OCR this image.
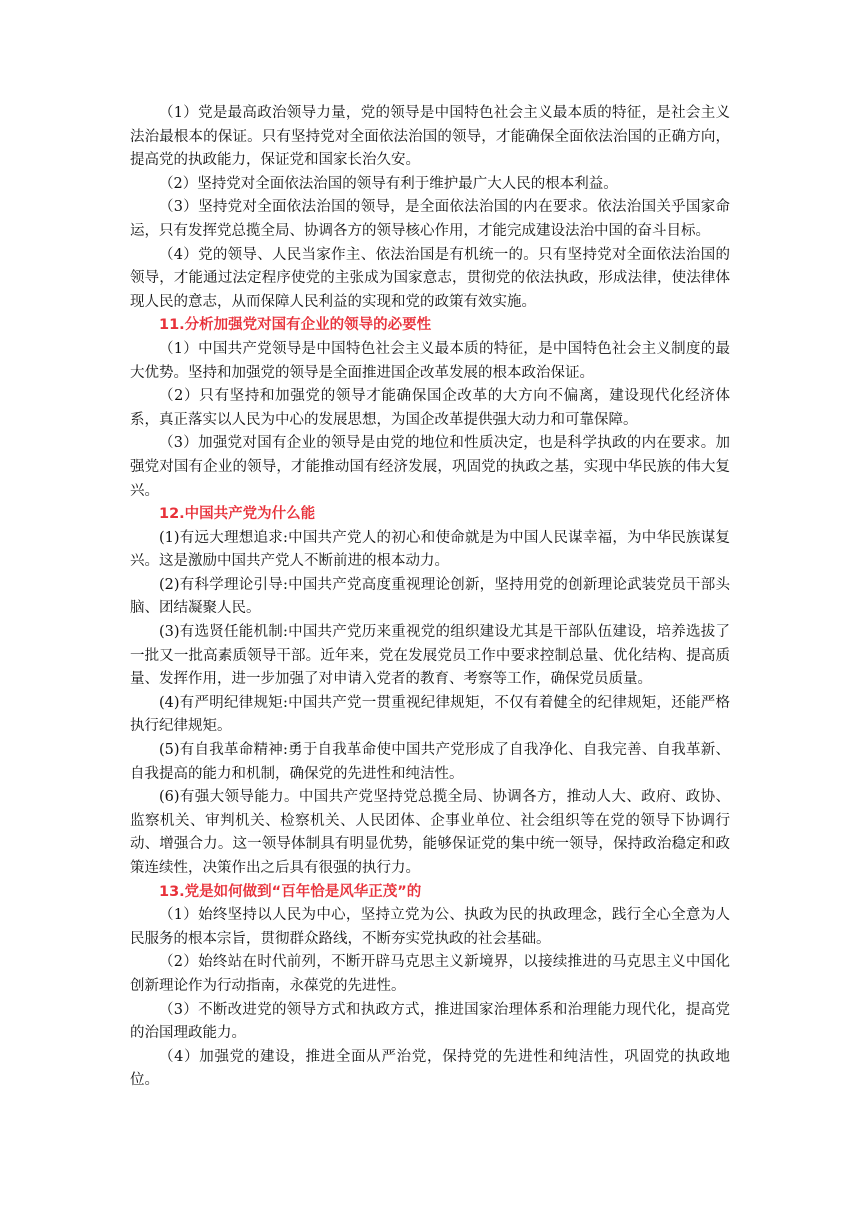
（1）党是最高政治领导力量，党的领导是中国特色社会主义最本质的特征，是社会主义法治最根本的保证。只有坚持党对全面依法治国的领导，才能确保全面依法治国的正确方向，提高党的执政能力，保证党和国家长治久安。

（2）坚持党对全面依法治国的领导有利于维护最广大人民的根本利益。

（3）坚持党对全面依法治国的领导，是全面依法治国的内在要求。依法治国关乎国家命运，只有发挥党总揽全局、协调各方的领导核心作用，才能完成建设法治中国的奋斗目标。

（4）党的领导、人民当家作主、依法治国是有机统一的。只有坚持党对全面依法治国的领导，才能通过法定程序使党的主张成为国家意志，贯彻党的依法执政，形成法律，使法律体现人民的意志，从而保障人民利益的实现和党的政策有效实施。

11.分析加强党对国有企业的领导的必要性

（1）中国共产党领导是中国特色社会主义最本质的特征，是中国特色社会主义制度的最大优势。坚持和加强党的领导是全面推进国企改革发展的根本政治保证。

（2）只有坚持和加强党的领导才能确保国企改革的大方向不偏离，建设现代化经济体系，真正落实以人民为中心的发展思想，为国企改革提供强大动力和可靠保障。

（3）加强党对国有企业的领导是由党的地位和性质决定，也是科学执政的内在要求。加强党对国有企业的领导，才能推动国有经济发展，巩固党的执政之基，实现中华民族的伟大复兴。

12.中国共产党为什么能

(1)有远大理想追求:中国共产党人的初心和使命就是为中国人民谋幸福，为中华民族谋复兴。这是激励中国共产党人不断前进的根本动力。

(2)有科学理论引导:中国共产党高度重视理论创新，坚持用党的创新理论武装党员干部头脑、团结凝聚人民。

(3)有选贤任能机制:中国共产党历来重视党的组织建设尤其是干部队伍建设，培养选拔了一批又一批高素质领导干部。近年来，党在发展党员工作中要求控制总量、优化结构、提高质量、发挥作用，进一步加强了对申请入党者的教育、考察等工作，确保党员质量。

(4)有严明纪律规矩:中国共产党一贯重视纪律规矩，不仅有着健全的纪律规矩，还能严格执行纪律规矩。

(5)有自我革命精神:勇于自我革命使中国共产党形成了自我净化、自我完善、自我革新、自我提高的能力和机制，确保党的先进性和纯洁性。

(6)有强大领导能力。中国共产党坚持党总揽全局、协调各方，推动人大、政府、政协、监察机关、审判机关、检察机关、人民团体、企事业单位、社会组织等在党的领导下协调行动、增强合力。这一领导体制具有明显优势，能够保证党的集中统一领导，保持政治稳定和政策连续性，决策作出之后具有很强的执行力。

13.党是如何做到“百年恰是风华正茂”的

（1）始终坚持以人民为中心，坚持立党为公、执政为民的执政理念，践行全心全意为人民服务的根本宗旨，贯彻群众路线，不断夯实党执政的社会基础。

（2）始终站在时代前列，不断开辟马克思主义新境界，以接续推进的马克思主义中国化创新理论作为行动指南，永葆党的先进性。

（3）不断改进党的领导方式和执政方式，推进国家治理体系和治理能力现代化，提高党的治国理政能力。

（4）加强党的建设，推进全面从严治党，保持党的先进性和纯洁性，巩固党的执政地位。
